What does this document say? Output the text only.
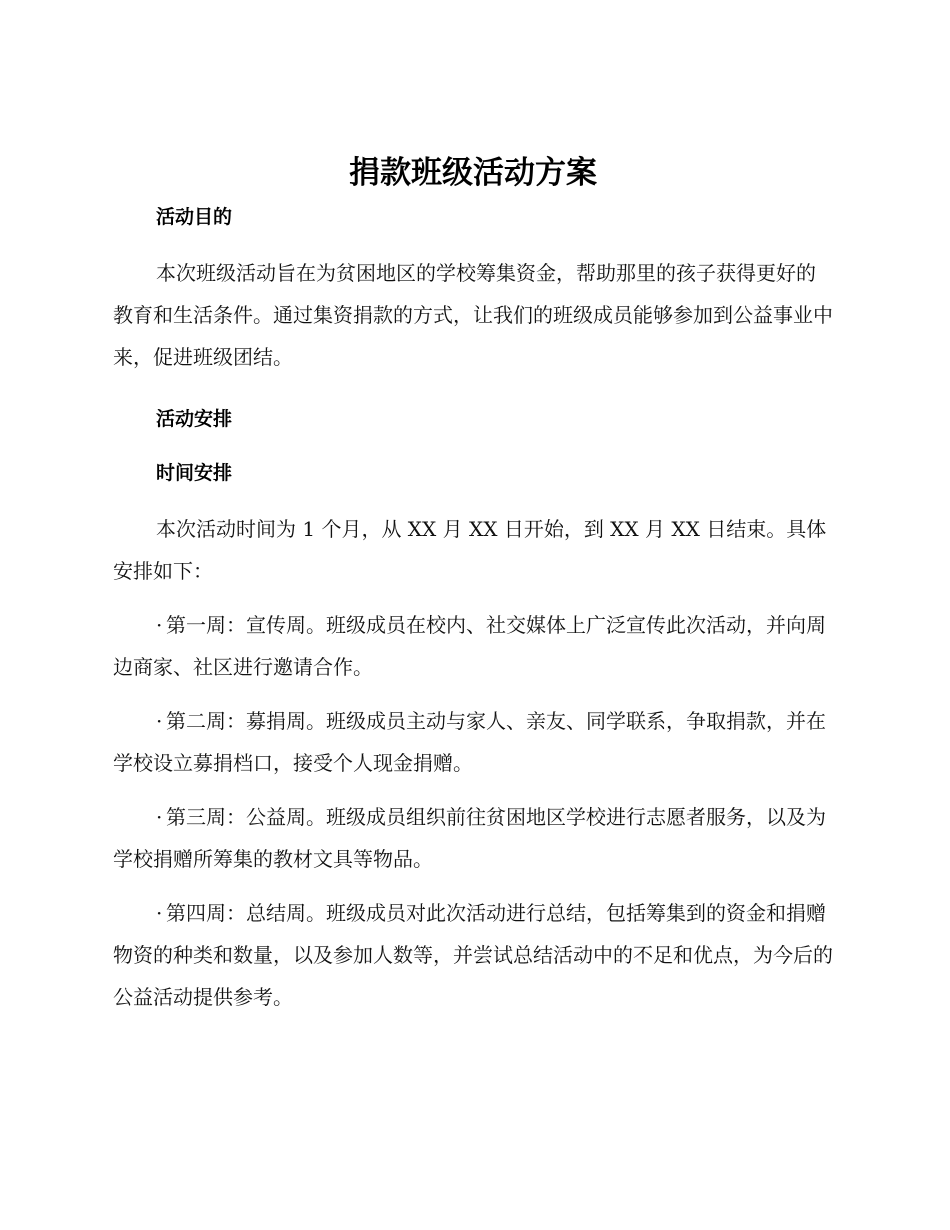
捐款班级活动方案

活动目的

本次班级活动旨在为贫困地区的学校筹集资金，帮助那里的孩子获得更好的教育和生活条件。通过集资捐款的方式，让我们的班级成员能够参加到公益事业中来，促进班级团结。

活动安排

时间安排

本次活动时间为 1 个月，从 XX 月 XX 日开始，到 XX 月 XX 日结束。具体安排如下：

· 第一周：宣传周。班级成员在校内、社交媒体上广泛宣传此次活动，并向周边商家、社区进行邀请合作。

· 第二周：募捐周。班级成员主动与家人、亲友、同学联系，争取捐款，并在学校设立募捐档口，接受个人现金捐赠。

· 第三周：公益周。班级成员组织前往贫困地区学校进行志愿者服务，以及为学校捐赠所筹集的教材文具等物品。

· 第四周：总结周。班级成员对此次活动进行总结，包括筹集到的资金和捐赠物资的种类和数量，以及参加人数等，并尝试总结活动中的不足和优点，为今后的公益活动提供参考。
